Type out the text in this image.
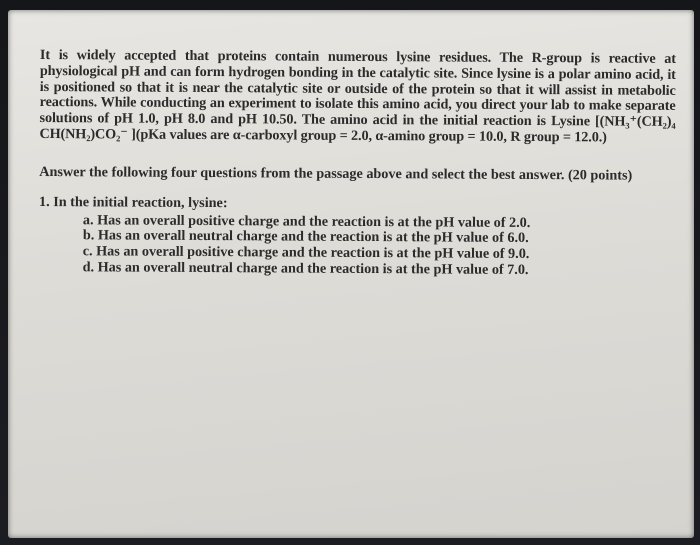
It is widely accepted that proteins contain numerous lysine residues. The R-group is reactive at physiological pH and can form hydrogen bonding in the catalytic site. Since lysine is a polar amino acid, it is positioned so that it is near the catalytic site or outside of the protein so that it will assist in metabolic reactions. While conducting an experiment to isolate this amino acid, you direct your lab to make separate solutions of pH 1.0, pH 8.0 and pH 10.50. The amino acid in the initial reaction is Lysine [(NH₃⁺(CH₂)₄ CH(NH₂)CO₂⁻ ](pKa values are α-carboxyl group = 2.0, α-amino group = 10.0, R group = 12.0.)

Answer the following four questions from the passage above and select the best answer. (20 points)

1. In the initial reaction, lysine:

a. Has an overall positive charge and the reaction is at the pH value of 2.0.
b. Has an overall neutral charge and the reaction is at the pH value of 6.0.
c. Has an overall positive charge and the reaction is at the pH value of 9.0.
d. Has an overall neutral charge and the reaction is at the pH value of 7.0.
